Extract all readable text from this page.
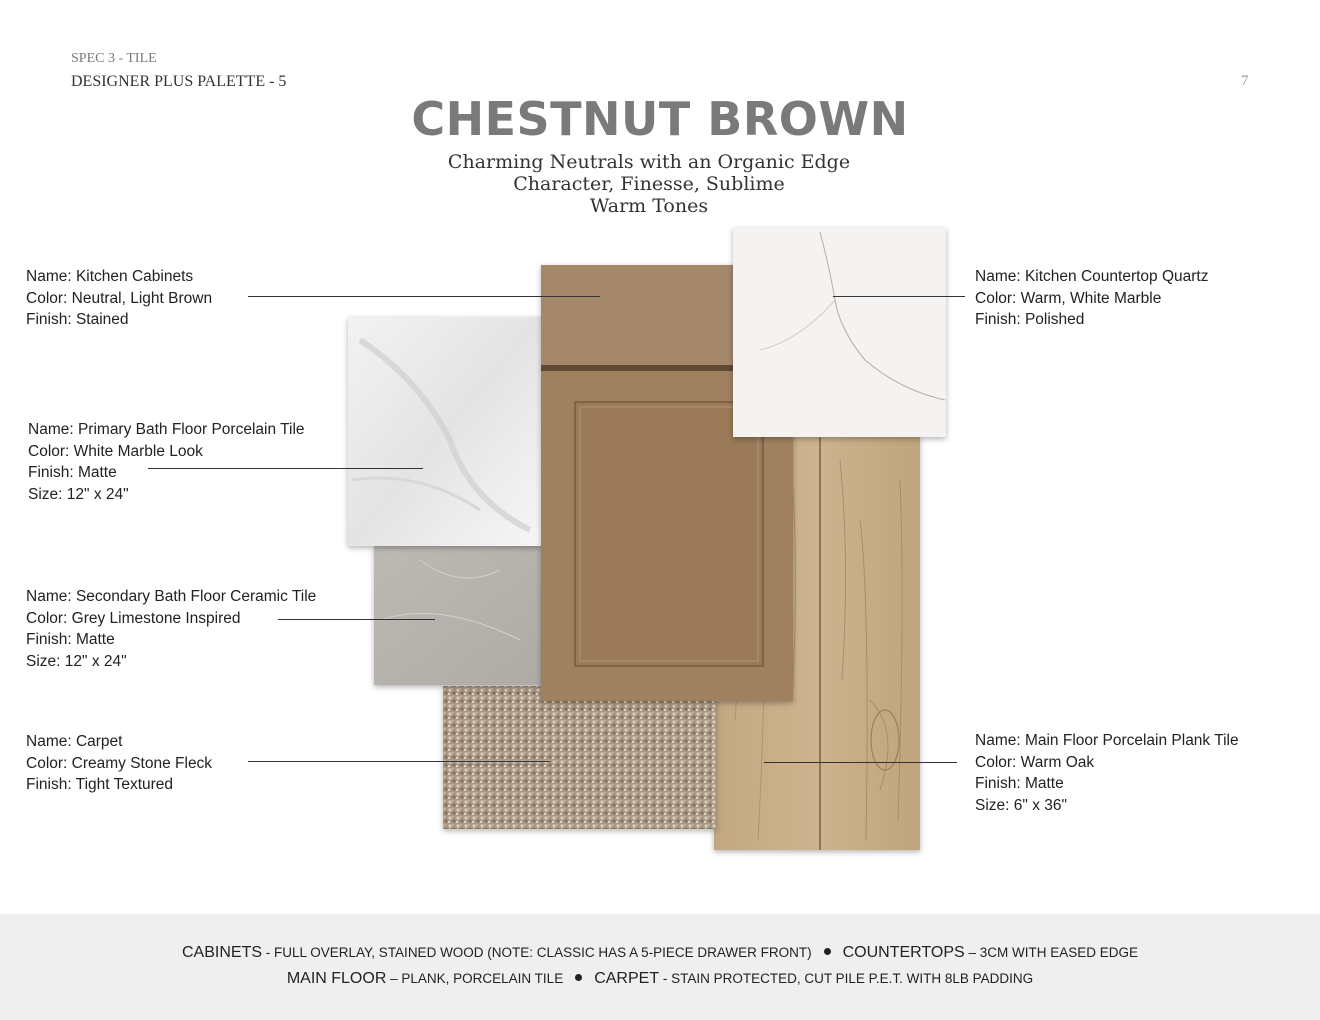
SPEC 3 - TILE
DESIGNER PLUS PALETTE - 5	7
CHESTNUT BROWN
Charming Neutrals with an Organic Edge
Character, Finesse, Sublime
Warm Tones
Name: Kitchen Cabinets
Color: Neutral, Light Brown
Finish: Stained
Name: Kitchen Countertop Quartz
Color: Warm, White Marble
Finish: Polished
Name: Primary Bath Floor Porcelain Tile
Color: White Marble Look
Finish: Matte
Size: 12" x 24"
Name: Secondary Bath Floor Ceramic Tile
Color: Grey Limestone Inspired
Finish: Matte
Size: 12" x 24"
Name: Carpet
Color: Creamy Stone Fleck
Finish: Tight Textured
Name: Main Floor Porcelain Plank Tile
Color: Warm Oak
Finish: Matte
Size: 6" x 36"
CABINETS - FULL OVERLAY, STAINED WOOD (NOTE: CLASSIC HAS A 5-PIECE DRAWER FRONT) COUNTERTOPS – 3CM WITH EASED EDGE
MAIN FLOOR – PLANK, PORCELAIN TILE CARPET - STAIN PROTECTED, CUT PILE P.E.T. WITH 8LB PADDING
